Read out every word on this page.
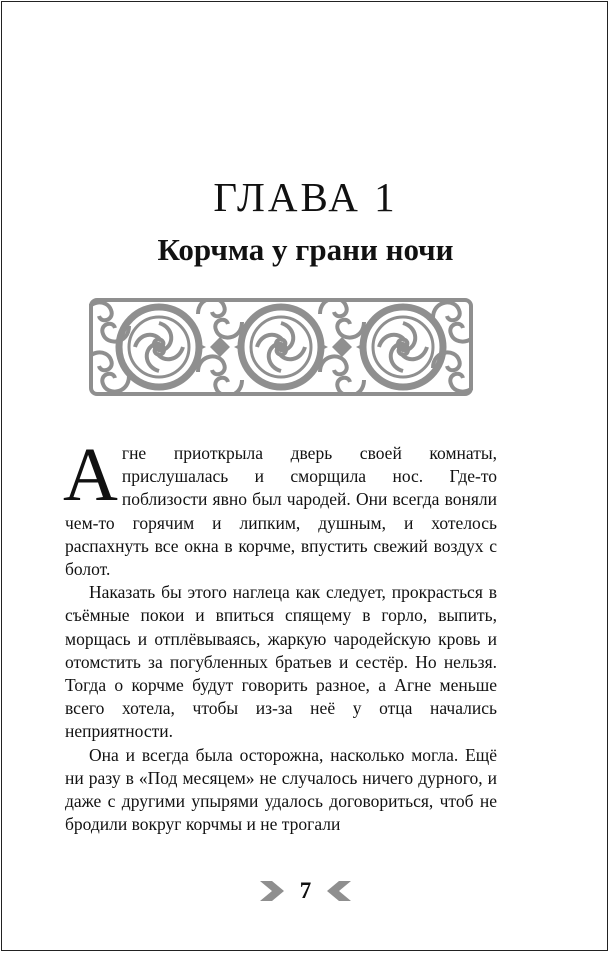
ГЛАВА 1
Корчма у грани ночи

Агне приоткрыла дверь своей комнаты, прислушалась и сморщила нос. Где-то поблизости явно был чародей. Они всегда воняли чем-то горячим и липким, душным, и хотелось распахнуть все окна в корчме, впустить свежий воздух с болот.

Наказать бы этого наглеца как следует, прокрасться в съёмные покои и впиться спящему в горло, выпить, морщась и отплёвываясь, жаркую чародейскую кровь и отомстить за погубленных братьев и сестёр. Но нельзя. Тогда о корчме будут говорить разное, а Агне меньше всего хотела, чтобы из-за неё у отца начались неприятности.

Она и всегда была осторожна, насколько могла. Ещё ни разу в «Под месяцем» не случалось ничего дурного, и даже с другими упырями удалось договориться, чтоб не бродили вокруг корчмы и не трогали

7
